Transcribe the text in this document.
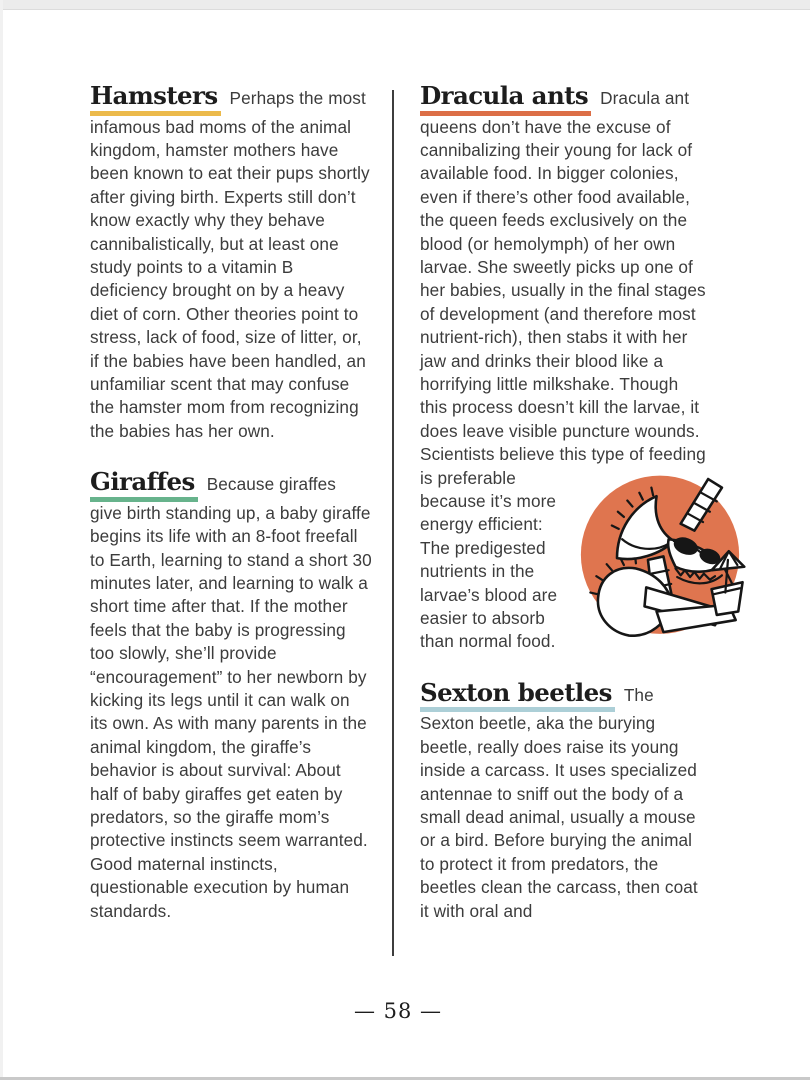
Hamsters Perhaps the most infamous bad moms of the animal kingdom, hamster mothers have been known to eat their pups shortly after giving birth. Experts still don’t know exactly why they behave cannibalistically, but at least one study points to a vitamin B deficiency brought on by a heavy diet of corn. Other theories point to stress, lack of food, size of litter, or, if the babies have been handled, an unfamiliar scent that may confuse the hamster mom from recognizing the babies has her own.

Giraffes Because giraffes give birth standing up, a baby giraffe begins its life with an 8-foot freefall to Earth, learning to stand a short 30 minutes later, and learning to walk a short time after that. If the mother feels that the baby is progressing too slowly, she’ll provide “encouragement” to her newborn by kicking its legs until it can walk on its own. As with many parents in the animal kingdom, the giraffe’s behavior is about survival: About half of baby giraffes get eaten by predators, so the giraffe mom’s protective instincts seem warranted. Good maternal instincts, questionable execution by human standards.

Dracula ants Dracula ant queens don’t have the excuse of cannibalizing their young for lack of available food. In bigger colonies, even if there’s other food available, the queen feeds exclusively on the blood (or hemolymph) of her own larvae. She sweetly picks up one of her babies, usually in the final stages of development (and therefore most nutrient-rich), then stabs it with her jaw and drinks their blood like a horrifying little milkshake. Though this process doesn’t kill the larvae, it does leave visible puncture wounds. Scientists believe this type of feeding is preferable because it’s more energy efficient: The predigested nutrients in the larvae’s blood are easier to absorb than normal food.

Sexton beetles The Sexton beetle, aka the burying beetle, really does raise its young inside a carcass. It uses specialized antennae to sniff out the body of a small dead animal, usually a mouse or a bird. Before burying the animal to protect it from predators, the beetles clean the carcass, then coat it with oral and

— 58 —
